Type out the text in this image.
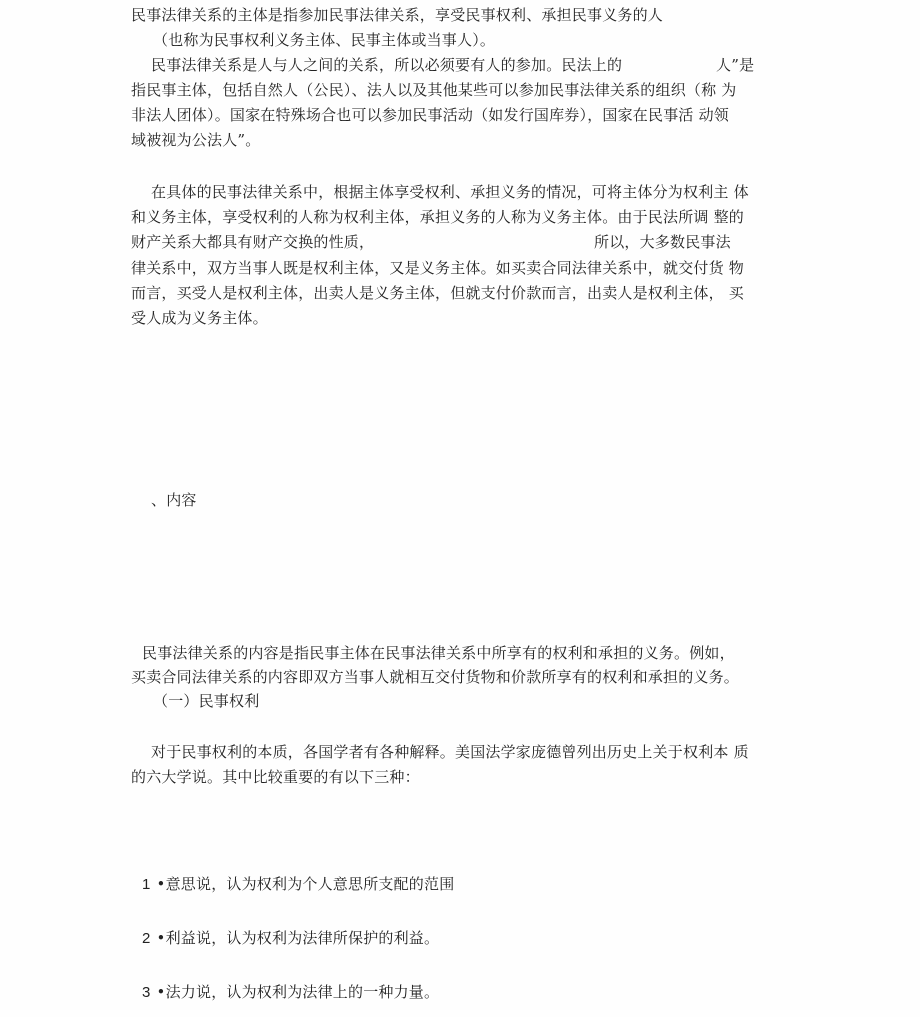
民事法律关系的主体是指参加民事法律关系，享受民事权利、承担民事义务的人
（也称为民事权利义务主体、民事主体或当事人）。
民事法律关系是人与人之间的关系，所以必须要有人的参加。民法上的	人”是
指民事主体，包括自然人（公民）、法人以及其他某些可以参加民事法律关系的组织（称 为
非法人团体）。国家在特殊场合也可以参加民事活动（如发行国库券），国家在民事活 动领
域被视为公法人”。
在具体的民事法律关系中，根据主体享受权利、承担义务的情况，可将主体分为权利主 体
和义务主体，享受权利的人称为权利主体，承担义务的人称为义务主体。由于民法所调 整的
财产关系大都具有财产交换的性质，	所以，大多数民事法
律关系中，双方当事人既是权利主体，又是义务主体。如买卖合同法律关系中，就交付货 物
而言，买受人是权利主体，出卖人是义务主体，但就支付价款而言，出卖人是权利主体， 买
受人成为义务主体。
、内容
民事法律关系的内容是指民事主体在民事法律关系中所享有的权利和承担的义务。例如，
买卖合同法律关系的内容即双方当事人就相互交付货物和价款所享有的权利和承担的义务。
（一）民事权利
对于民事权利的本质，各国学者有各种解释。美国法学家庞德曾列出历史上关于权利本 质
的六大学说。其中比较重要的有以下三种：
1 •意思说，认为权利为个人意思所支配的范围
2 •利益说，认为权利为法律所保护的利益。
3 •法力说，认为权利为法律上的一种力量。
